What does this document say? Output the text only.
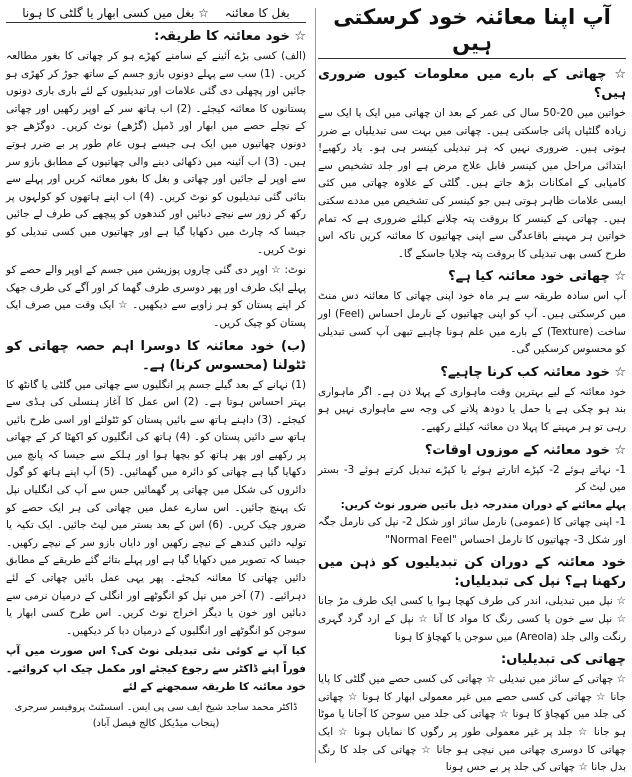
آپ اپنا معائنہ خود کرسکتی ہیں
☆ چھاتی کے بارے میں معلومات کیوں ضروری ہیں؟

خواتین میں 20-50 سال کی عمر کے بعد ان چھاتی میں ایک یا ایک سے زیادہ گلٹیاں پائی جاسکتی ہیں۔ چھاتی میں بہت سی تبدیلیاں بے ضرر ہوتی ہیں۔ ضروری نہیں کہ ہر تبدیلی کینسر ہی ہو۔ یاد رکھیے! ابتدائی مراحل میں کینسر قابل علاج مرض ہے اور جلد تشخیص سے کامیابی کے امکانات بڑھ جاتے ہیں۔ گلٹی کے علاوہ چھاتی میں کئی ایسی علامات ظاہر ہوتی ہیں جو کینسر کی تشخیص میں مددے سکتی ہیں۔ چھاتی کے کینسر کا بروقت پتہ چلانے کیلئے ضروری ہے کہ تمام خواتین ہر مہینے باقاعدگی سے اپنی چھاتیوں کا معائنہ کریں تاکہ اس طرح کسی بھی تبدیلی کا بروقت پتہ چلایا جاسکے گا۔

☆ چھاتی خود معائنہ کیا ہے؟

آپ اس سادہ طریقہ سے ہر ماہ خود اپنی چھاتی کا معائنہ دس منٹ میں کرسکتی ہیں۔ آپ کو اپنی چھاتیوں کے نارمل احساس (Feel) اور ساخت (Texture) کے بارے میں علم ہونا چاہیے تبھی آپ کسی تبدیلی کو محسوس کرسکیں گی۔

☆ خود معائنہ کب کرنا چاہیے؟

خود معائنہ کے لیے بہترین وقت ماہواری کے پہلا دن ہے۔ اگر ماہواری بند ہو چکی ہے یا حمل یا دودھ پلانے کی وجہ سے ماہواری نہیں ہو رہی تو ہر مہینے کا پہلا دن معائنہ کیلئے رکھیے۔

☆ خود معائنہ کے موزوں اوقات؟

1- نہاتے ہوئے 2- کپڑے اتارتے ہوئے یا کپڑے تبدیل کرتے ہوئے 3- بستر میں لیٹ کر

پہلے معائنے کے دوران مندرجہ ذیل باتیں ضرور نوٹ کریں:

1- اپنی چھاتی کا (عمومی) نارمل سائز اور شکل 2- نپل کی نارمل جگہ اور شکل 3- چھاتیوں کا نارمل احساس "Normal Feel"

خود معائنہ کے دوران کن تبدیلیوں کو ذہن میں رکھنا ہے؟ نپل کی تبدیلیاں:

☆ نپل میں تبدیلی، اندر کی طرف کھچا ہوا یا کسی ایک طرف مڑ جانا ☆ نپل سے خون یا کسی رنگ کا مواد کا آنا ☆ نپل کے ارد گرد گہری رنگت والی جلد (Areola) میں سوجن یا کھچاؤ کا ہونا

چھاتی کی تبدیلیاں:

☆ چھاتی کے سائز میں تبدیلی ☆ چھاتی کی کسی حصے میں گلٹی کا پایا جانا ☆ چھاتی کی کسی حصے میں غیر معمولی ابھار کا ہونا ☆ چھاتی کی جلد میں کھچاؤ کا ہونا ☆ چھاتی کی جلد میں سوجن کا آجانا یا موٹا ہو جانا ☆ جلد پر غیر معمولی طور پر رگوں کا نمایاں ہونا ☆ ایک چھاتی کا دوسری چھاتی میں نیچی ہو جانا ☆ چھاتی کی جلد کا رنگ بدل جانا ☆ چھاتی کی جلد پر بے حس ہونا

بغل کا معائنہ ☆ بغل میں کسی ابھار یا گلٹی کا ہونا
☆ خود معائنہ کا طریقہ:

(الف) کسی بڑے آئینے کے سامنے کھڑے ہو کر چھاتی کا بغور مطالعہ کریں۔ (1) سب سے پہلے دونوں بازو جسم کے ساتھ جوڑ کر کھڑی ہو جائیں اور پچھلی دی گئی علامات اور تبدیلیوں کے لئے باری باری دونوں پستانوں کا معائنہ کیجئے۔ (2) اب ہاتھ سر کے اوپر رکھیں اور چھاتی کے نچلے حصے میں ابھار اور ڈمپل (گڑھے) نوٹ کریں۔ دوگڑھے جو دونوں چھاتیوں میں ایک ہی جیسے ہوں عام طور پر بے ضرر ہوتے ہیں۔ (3) اب آئینہ میں دکھائی دینے والی چھاتیوں کے مطابق بازو سر سے اوپر لے جائیں اور چھاتی و بغل کا بغور معائنہ کریں اور پہلے سے بتائی گئی تبدیلیوں کو نوٹ کریں۔ (4) اب اپنے ہاتھوں کو کولہوں پر رکھ کر زور سے نیچے دبائیں اور کندھوں کو پیچھے کی طرف لے جائیں جیسا کہ چارٹ میں دکھایا گیا ہے اور چھاتیوں میں کسی تبدیلی کو نوٹ کریں۔

نوٹ: ☆ اوپر دی گئی چاروں پوزیشن میں جسم کے اوپر والے حصے کو پہلے ایک طرف اور پھر دوسری طرف گھما کر اور آگے کی طرف جھک کر اپنے پستان کو ہر زاویے سے دیکھیں۔ ☆ ایک وقت میں صرف ایک پستان کو چیک کریں۔

(ب) خود معائنہ کا دوسرا اہم حصہ چھاتی کو ٹٹولنا (محسوس کرنا) ہے۔

(1) نہانے کے بعد گیلے جسم پر انگلیوں سے چھاتی میں گلٹی یا گانٹھ کا بہتر احساس ہوتا ہے۔ (2) اس عمل کا آغاز ہنسلی کی ہڈی سے کیجئے۔ (3) داہنے ہاتھ سے بائیں پستان کو ٹٹولئے اور اسی طرح بائیں ہاتھ سے دائیں پستان کو۔ (4) ہاتھ کی انگلیوں کو اکھٹا کر کے چھاتی پر رکھیے اور پھر ہاتھ کو بچھا ہوا اور ہلکے سے جیسا کہ پانچ میں دکھایا گیا ہے چھاتی کو دائرہ میں گھمائیں۔ (5) آپ اپنے ہاتھ کو گول دائروں کی شکل میں چھاتی پر گھمائیں جس سے آپ کی انگلیاں نپل تک پہنچ جائیں۔ اس سارے عمل میں چھاتی کی ہر ایک حصے کو ضرور چیک کریں۔ (6) اس کے بعد بستر میں لیٹ جائیں۔ ایک تکیہ یا تولیہ دائیں کندھے کے نیچے رکھیں اور دایاں بازو سر کے نیچے رکھیں۔ جیسا کہ تصویر میں دکھایا گیا ہے اور پہلے بتائے گئے طریقے کے مطابق دائیں چھاتی کا معائنہ کیجئے۔ پھر یہی عمل بائیں چھاتی کے لئے دہرائیے۔ (7) آخر میں نپل کو انگوٹھے اور انگلی کے درمیان نرمی سے دبائیں اور خون یا دیگر اخراج نوٹ کریں۔ اس طرح کسی ابھار یا سوجن کو انگوٹھے اور انگلیوں کے درمیان دبا کر دیکھیں۔

کیا آپ نے کوئی نئی تبدیلی نوٹ کی؟ اس صورت میں آپ فوراً اپنے ڈاکٹر سے رجوع کیجئے اور مکمل چیک اپ کروائیے۔ خود معائنہ کا طریقہ سمجھنے کے لئے

ڈاکٹر محمد ساجد شیخ ایف سی پی ایس۔ اسسٹنٹ پروفیسر سرجری (پنجاب میڈیکل کالج فیصل آباد)
